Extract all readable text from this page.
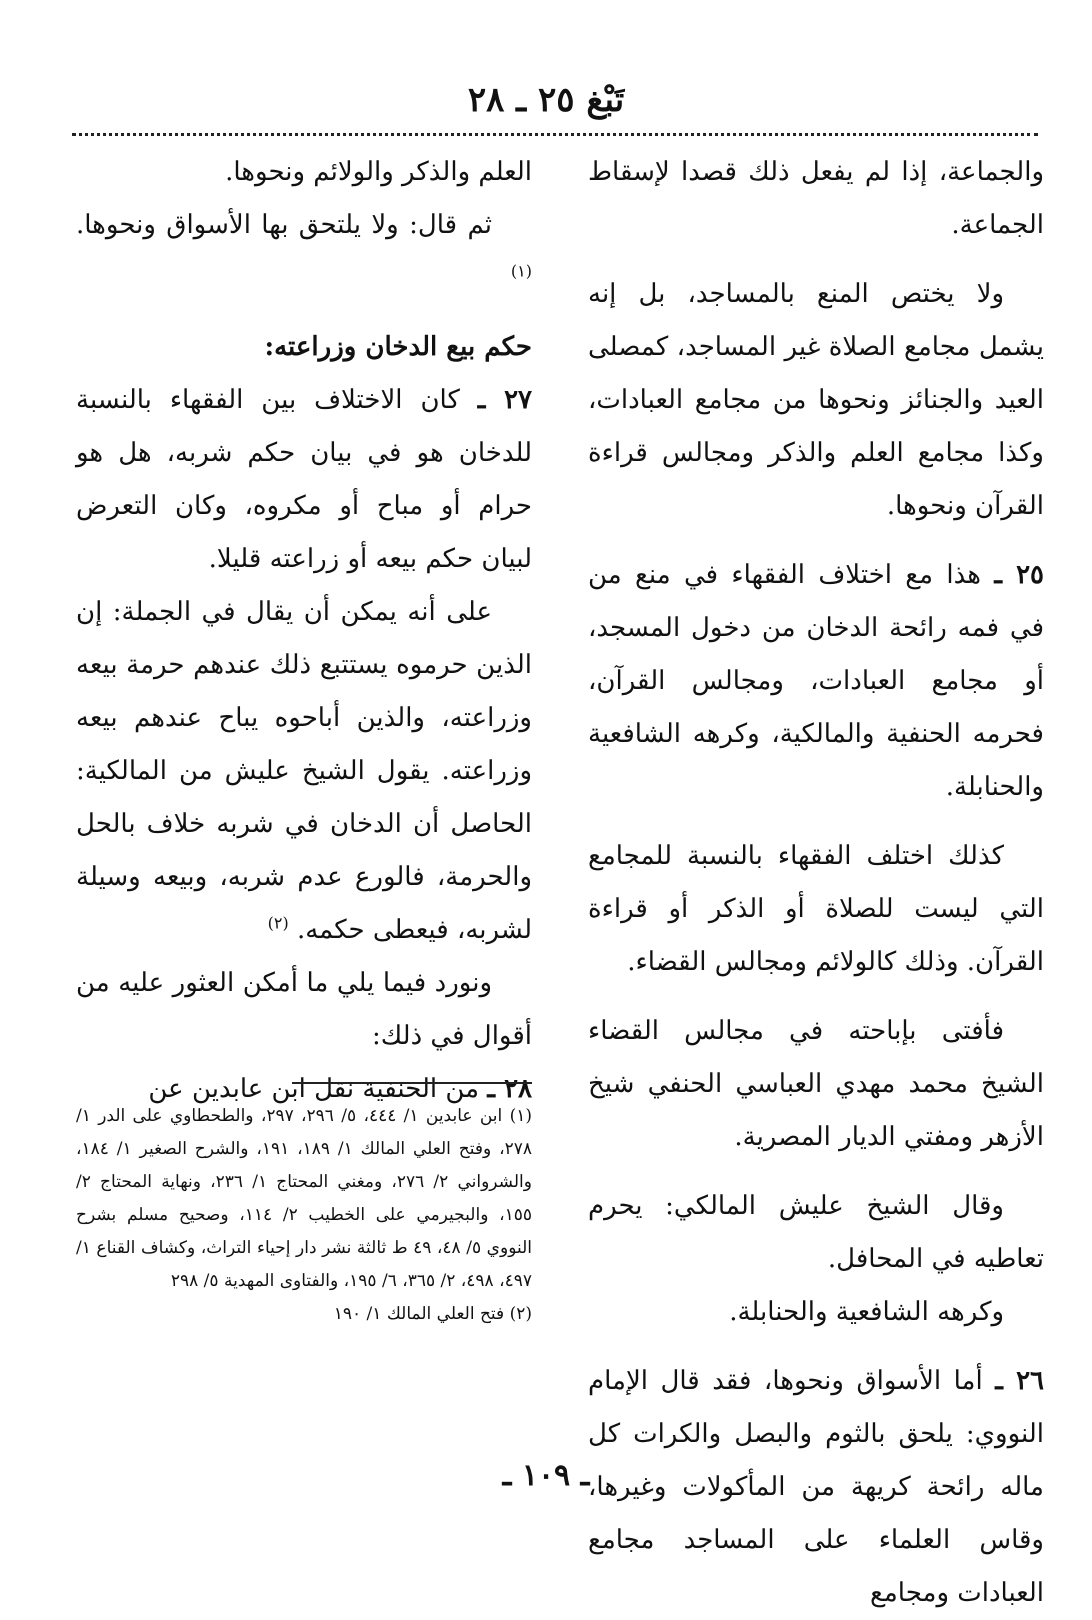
تَبْغ ٢٥ ـ ٢٨

والجماعة، إذا لم يفعل ذلك قصدا لإسقاط الجماعة.

ولا يختص المنع بالمساجد، بل إنه يشمل مجامع الصلاة غير المساجد، كمصلى العيد والجنائز ونحوها من مجامع العبادات، وكذا مجامع العلم والذكر ومجالس قراءة القرآن ونحوها.

٢٥ ـ هذا مع اختلاف الفقهاء في منع من في فمه رائحة الدخان من دخول المسجد، أو مجامع العبادات، ومجالس القرآن، فحرمه الحنفية والمالكية، وكرهه الشافعية والحنابلة.

كذلك اختلف الفقهاء بالنسبة للمجامع التي ليست للصلاة أو الذكر أو قراءة القرآن. وذلك كالولائم ومجالس القضاء.

فأفتى بإباحته في مجالس القضاء الشيخ محمد مهدي العباسي الحنفي شيخ الأزهر ومفتي الديار المصرية.

وقال الشيخ عليش المالكي: يحرم تعاطيه في المحافل.

وكرهه الشافعية والحنابلة.

٢٦ ـ أما الأسواق ونحوها، فقد قال الإمام النووي: يلحق بالثوم والبصل والكرات كل ماله رائحة كريهة من المأكولات وغيرها، وقاس العلماء على المساجد مجامع العبادات ومجامع

العلم والذكر والولائم ونحوها.

ثم قال: ولا يلتحق بها الأسواق ونحوها. $^{(١)}$

حكم بيع الدخان وزراعته:

٢٧ ـ كان الاختلاف بين الفقهاء بالنسبة للدخان هو في بيان حكم شربه، هل هو حرام أو مباح أو مكروه، وكان التعرض لبيان حكم بيعه أو زراعته قليلا.

على أنه يمكن أن يقال في الجملة: إن الذين حرموه يستتبع ذلك عندهم حرمة بيعه وزراعته، والذين أباحوه يباح عندهم بيعه وزراعته. يقول الشيخ عليش من المالكية: الحاصل أن الدخان في شربه خلاف بالحل والحرمة، فالورع عدم شربه، وبيعه وسيلة لشربه، فيعطى حكمه. $^{(٢)}$

ونورد فيما يلي ما أمكن العثور عليه من أقوال في ذلك:

٢٨ ـ من الحنفية نقل ابن عابدين عن

(١) ابن عابدين ١/ ٤٤٤، ٥/ ٢٩٦، ٢٩٧، والطحطاوي على الدر ١/ ٢٧٨، وفتح العلي المالك ١/ ١٨٩، ١٩١، والشرح الصغير ١/ ١٨٤، والشرواني ٢/ ٢٧٦، ومغني المحتاج ١/ ٢٣٦، ونهاية المحتاج ٢/ ١٥٥، والبجيرمي على الخطيب ٢/ ١١٤، وصحيح مسلم بشرح النووي ٥/ ٤٨، ٤٩ ط ثالثة نشر دار إحياء التراث، وكشاف القناع ١/ ٤٩٧، ٤٩٨، ٢/ ٣٦٥، ٦/ ١٩٥، والفتاوى المهدية ٥/ ٢٩٨

(٢) فتح العلي المالك ١/ ١٩٠

ـ ١٠٩ ـ
